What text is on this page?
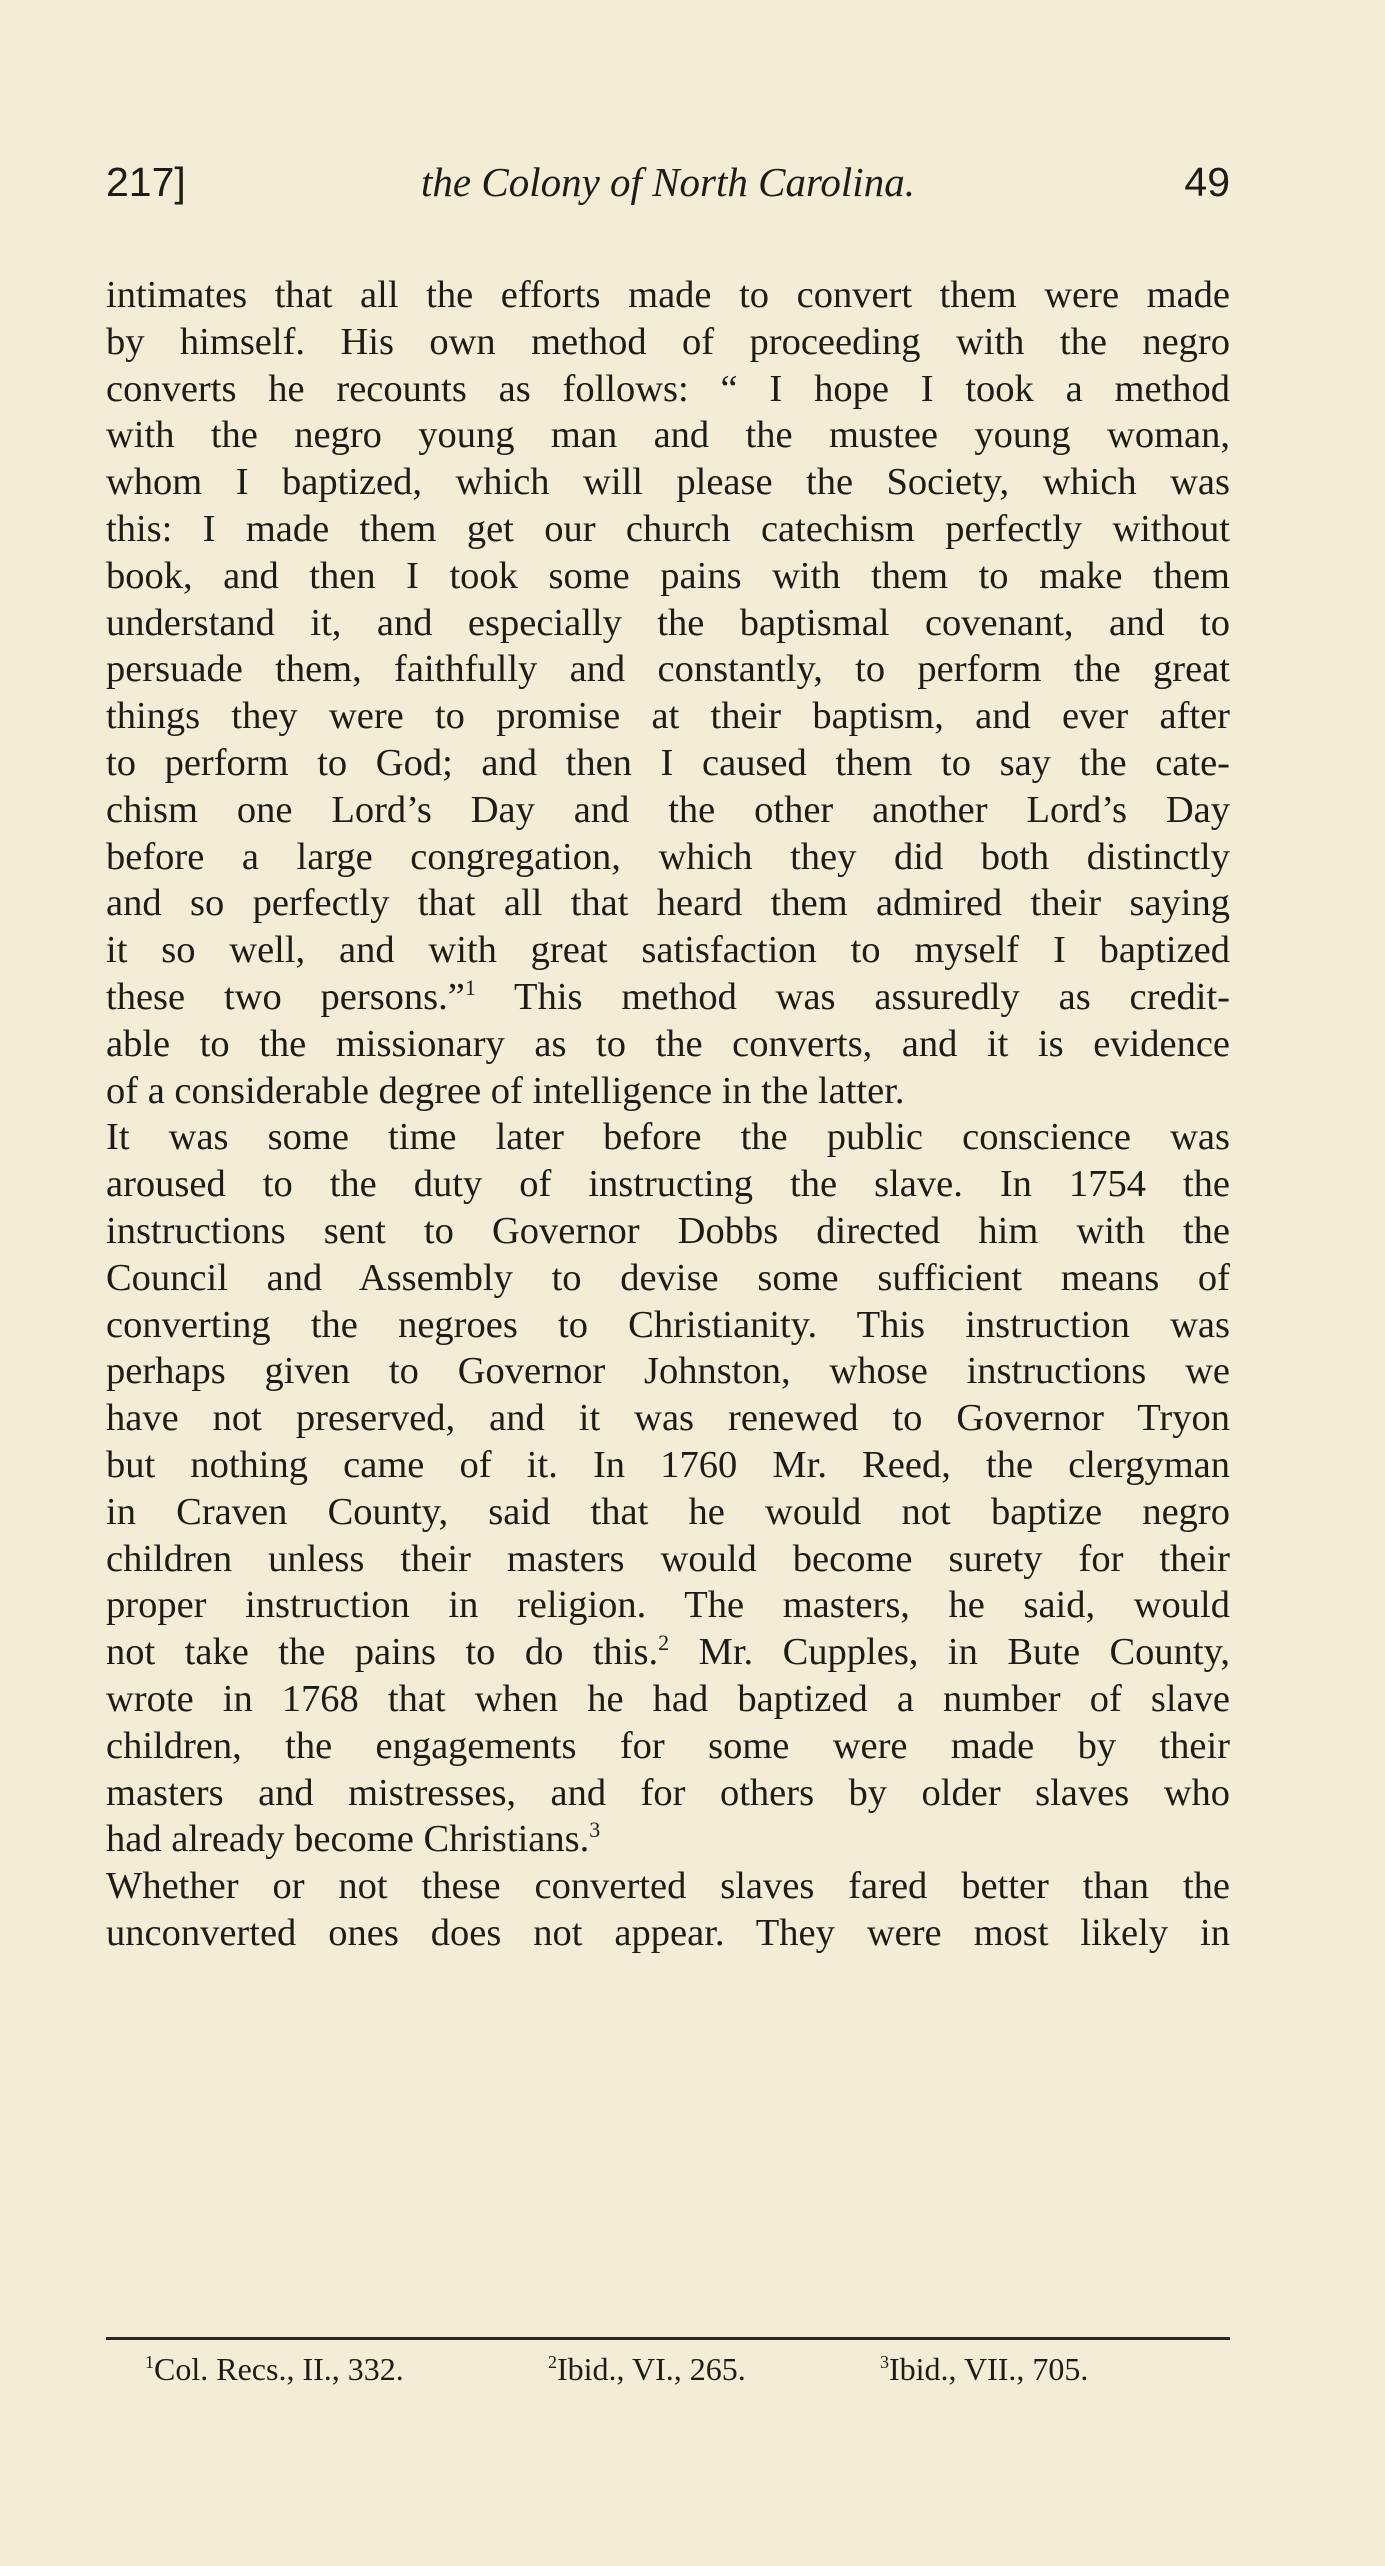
217]	the Colony of North Carolina.	49
intimates that all the efforts made to convert them were made
by himself. His own method of proceeding with the negro
converts he recounts as follows: “ I hope I took a method
with the negro young man and the mustee young woman,
whom I baptized, which will please the Society, which was
this: I made them get our church catechism perfectly without
book, and then I took some pains with them to make them
understand it, and especially the baptismal covenant, and to
persuade them, faithfully and constantly, to perform the great
things they were to promise at their baptism, and ever after
to perform to God; and then I caused them to say the cate-
chism one Lord’s Day and the other another Lord’s Day
before a large congregation, which they did both distinctly
and so perfectly that all that heard them admired their saying
it so well, and with great satisfaction to myself I baptized
these two persons.”$^1$ This method was assuredly as credit-
able to the missionary as to the converts, and it is evidence
of a considerable degree of intelligence in the latter.
It was some time later before the public conscience was
aroused to the duty of instructing the slave. In 1754 the
instructions sent to Governor Dobbs directed him with the
Council and Assembly to devise some sufficient means of
converting the negroes to Christianity. This instruction was
perhaps given to Governor Johnston, whose instructions we
have not preserved, and it was renewed to Governor Tryon
but nothing came of it. In 1760 Mr. Reed, the clergyman
in Craven County, said that he would not baptize negro
children unless their masters would become surety for their
proper instruction in religion. The masters, he said, would
not take the pains to do this.$^2$ Mr. Cupples, in Bute County,
wrote in 1768 that when he had baptized a number of slave
children, the engagements for some were made by their
masters and mistresses, and for others by older slaves who
had already become Christians.$^3$
Whether or not these converted slaves fared better than the
unconverted ones does not appear. They were most likely in
$^1$Col. Recs., II., 332.	$^2$Ibid., VI., 265.	$^3$Ibid., VII., 705.
